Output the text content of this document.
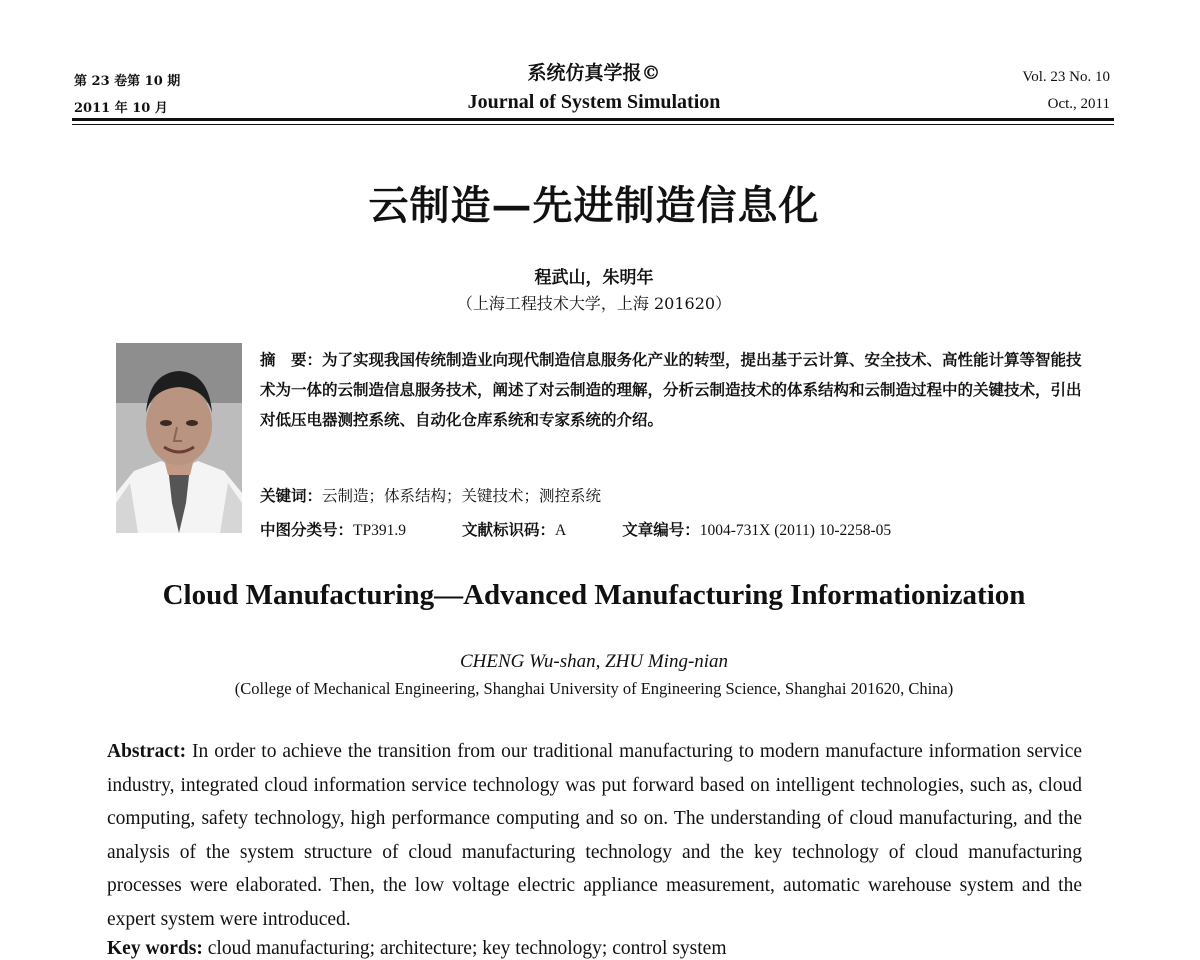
第 23 卷第 10 期
2011 年 10 月
系统仿真学报©
Journal of System Simulation
Vol. 23 No. 10
Oct., 2011
云制造—先进制造信息化
程武山，朱明年
（上海工程技术大学，上海 201620）
摘　要：为了实现我国传统制造业向现代制造信息服务化产业的转型，提出基于云计算、安全技术、高性能计算等智能技术为一体的云制造信息服务技术，阐述了对云制造的理解，分析云制造技术的体系结构和云制造过程中的关键技术，引出对低压电器测控系统、自动化仓库系统和专家系统的介绍。
关键词：云制造；体系结构；关键技术；测控系统
中图分类号：TP391.9	文献标识码：A	文章编号：1004-731X (2011) 10-2258-05
Cloud Manufacturing—Advanced Manufacturing Informationization
CHENG Wu-shan, ZHU Ming-nian
(College of Mechanical Engineering, Shanghai University of Engineering Science, Shanghai 201620, China)
Abstract: In order to achieve the transition from our traditional manufacturing to modern manufacture information service industry, integrated cloud information service technology was put forward based on intelligent technologies, such as, cloud computing, safety technology, high performance computing and so on. The understanding of cloud manufacturing, and the analysis of the system structure of cloud manufacturing technology and the key technology of cloud manufacturing processes were elaborated. Then, the low voltage electric appliance measurement, automatic warehouse system and the expert system were introduced.
Key words: cloud manufacturing; architecture; key technology; control system
